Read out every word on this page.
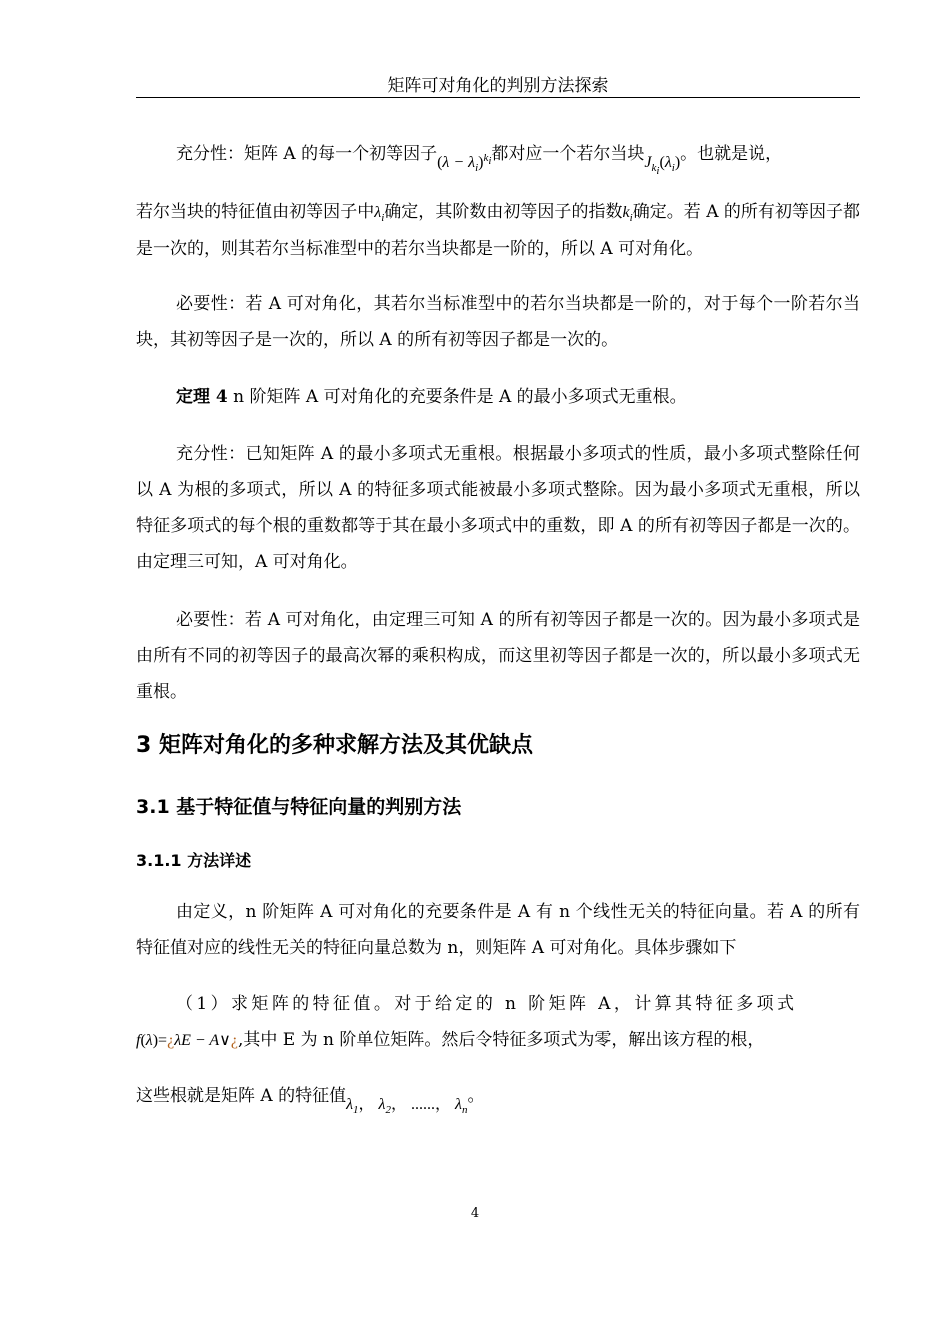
矩阵可对角化的判别方法探索

充分性：矩阵 A 的每一个初等因子$(\lambda - \lambda_i)^{k_i}$都对应一个若尔当块$J_{k_i}(\lambda_i)$。也就是说，

若尔当块的特征值由初等因子中$\lambda_i$确定，其阶数由初等因子的指数$k_i$确定。若 A 的所有初等因子都是一次的，则其若尔当标准型中的若尔当块都是一阶的，所以 A 可对角化。

必要性：若 A 可对角化，其若尔当标准型中的若尔当块都是一阶的，对于每个一阶若尔当块，其初等因子是一次的，所以 A 的所有初等因子都是一次的。

定理 4 n 阶矩阵 A 可对角化的充要条件是 A 的最小多项式无重根。

充分性：已知矩阵 A 的最小多项式无重根。根据最小多项式的性质，最小多项式整除任何以 A 为根的多项式，所以 A 的特征多项式能被最小多项式整除。因为最小多项式无重根，所以特征多项式的每个根的重数都等于其在最小多项式中的重数，即 A 的所有初等因子都是一次的。由定理三可知，A 可对角化。

必要性：若 A 可对角化，由定理三可知 A 的所有初等因子都是一次的。因为最小多项式是由所有不同的初等因子的最高次幂的乘积构成，而这里初等因子都是一次的，所以最小多项式无重根。

3 矩阵对角化的多种求解方法及其优缺点
3.1 基于特征值与特征向量的判别方法
3.1.1 方法详述

由定义，n 阶矩阵 A 可对角化的充要条件是 A 有 n 个线性无关的特征向量。若 A 的所有特征值对应的线性无关的特征向量总数为 n，则矩阵 A 可对角化。具体步骤如下

（1）求矩阵的特征值。对于给定的 n 阶矩阵 A，计算其特征多项式

f(λ)=¿λE − A∨¿,其中 E 为 n 阶单位矩阵。然后令特征多项式为零，解出该方程的根，

这些根就是矩阵 A 的特征值$\lambda_1$， $\lambda_2$， ......， $\lambda_n$。

4
